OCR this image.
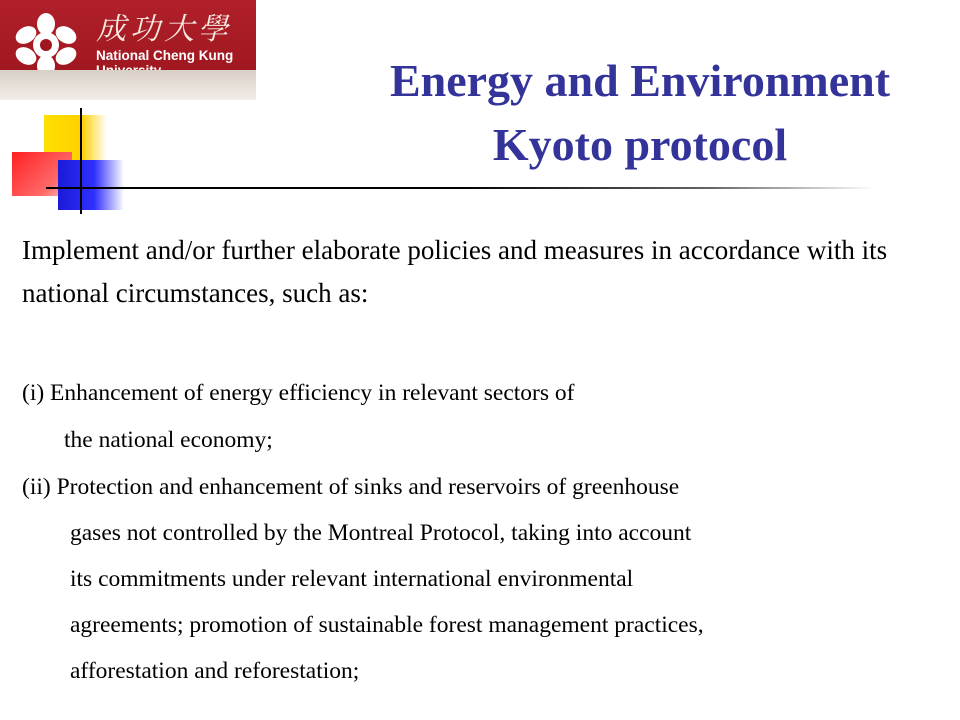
成功大學
National Cheng Kung	Energy and Environment
Kyoto protocol

Implement and/or further elaborate policies and measures in accordance with its national circumstances, such as:

(i) Enhancement of energy efficiency in relevant sectors of

the national economy;

(ii) Protection and enhancement of sinks and reservoirs of greenhouse

gases not controlled by the Montreal Protocol, taking into account

its commitments under relevant international environmental

agreements; promotion of sustainable forest management practices,

afforestation and reforestation;
